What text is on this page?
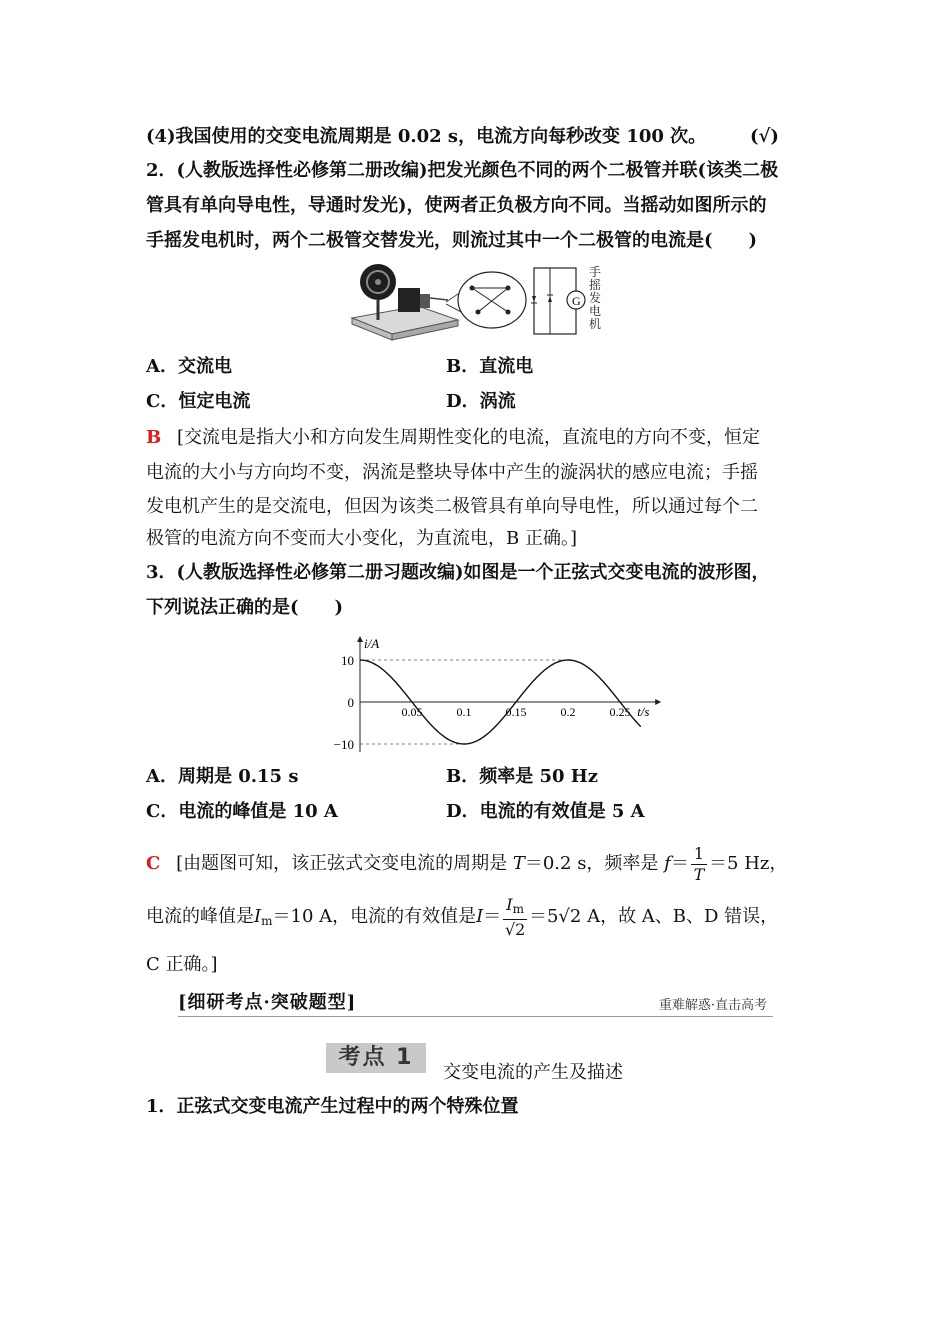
(4)我国使用的交变电流周期是 0.02 s，电流方向每秒改变 100 次。 (√)
2．(人教版选择性必修第二册改编)把发光颜色不同的两个二极管并联(该类二极
管具有单向导电性，导通时发光)，使两者正负极方向不同。当摇动如图所示的
手摇发电机时，两个二极管交替发光，则流过其中一个二极管的电流是(　　)
G
手摇发电机
A．交流电	B．直流电
C．恒定电流	D．涡流
B [交流电是指大小和方向发生周期性变化的电流，直流电的方向不变，恒定
电流的大小与方向均不变，涡流是整块导体中产生的漩涡状的感应电流；手摇
发电机产生的是交流电，但因为该类二极管具有单向导电性，所以通过每个二
极管的电流方向不变而大小变化，为直流电，B 正确。]
3．(人教版选择性必修第二册习题改编)如图是一个正弦式交变电流的波形图，
下列说法正确的是(　　)
i/A
t/s
10
0
−10
0.05	0.1	0.15	0.2	0.25
A．周期是 0.15 s	B．频率是 50 Hz
C．电流的峰值是 10 A	D．电流的有效值是 5 A
C [由题图可知，该正弦式交变电流的周期是 T＝0.2 s，频率是 $f= \frac{1}{T} =5$ Hz，
电流的峰值是$I_m=10$ A，电流的有效值是$I= \frac{I_m}{√2} =5√2$ A，故 A、B、D 错误，
C 正确。]
[细研考点·突破题型]	重难解惑·直击高考
考点 1
交变电流的产生及描述
1．正弦式交变电流产生过程中的两个特殊位置
